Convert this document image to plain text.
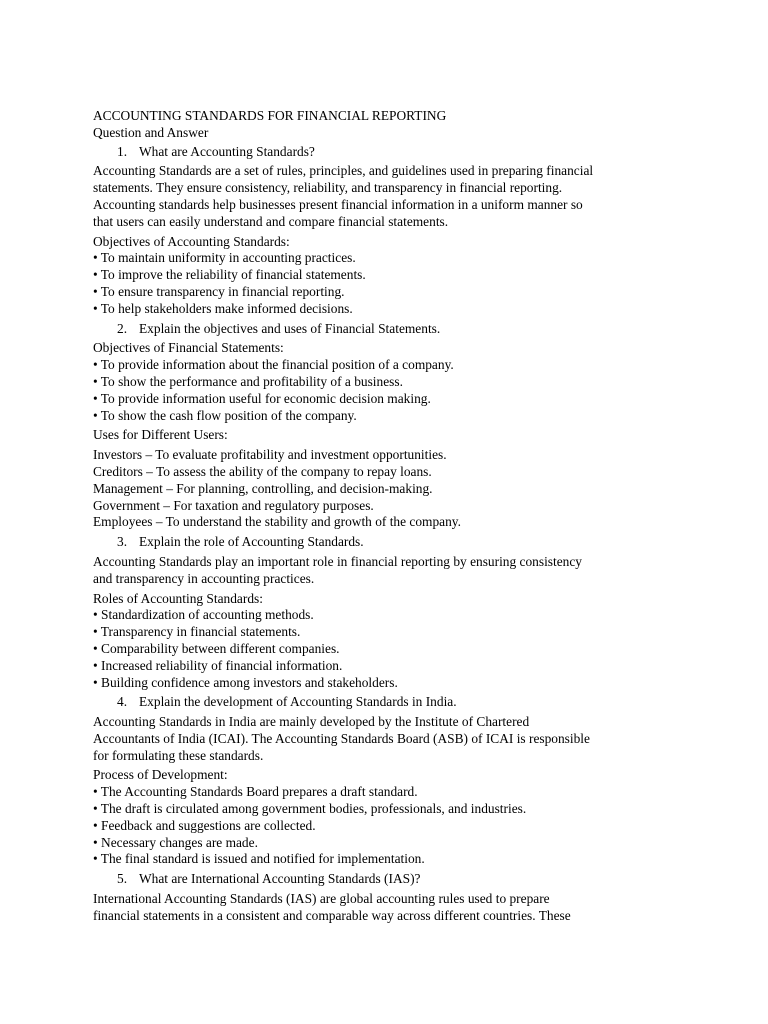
ACCOUNTING STANDARDS FOR FINANCIAL REPORTING
Question and Answer
1. What are Accounting Standards?
Accounting Standards are a set of rules, principles, and guidelines used in preparing financial
statements. They ensure consistency, reliability, and transparency in financial reporting.
Accounting standards help businesses present financial information in a uniform manner so
that users can easily understand and compare financial statements.
Objectives of Accounting Standards:
• To maintain uniformity in accounting practices.
• To improve the reliability of financial statements.
• To ensure transparency in financial reporting.
• To help stakeholders make informed decisions.
2. Explain the objectives and uses of Financial Statements.
Objectives of Financial Statements:
• To provide information about the financial position of a company.
• To show the performance and profitability of a business.
• To provide information useful for economic decision making.
• To show the cash flow position of the company.
Uses for Different Users:
Investors – To evaluate profitability and investment opportunities.
Creditors – To assess the ability of the company to repay loans.
Management – For planning, controlling, and decision-making.
Government – For taxation and regulatory purposes.
Employees – To understand the stability and growth of the company.
3. Explain the role of Accounting Standards.
Accounting Standards play an important role in financial reporting by ensuring consistency
and transparency in accounting practices.
Roles of Accounting Standards:
• Standardization of accounting methods.
• Transparency in financial statements.
• Comparability between different companies.
• Increased reliability of financial information.
• Building confidence among investors and stakeholders.
4. Explain the development of Accounting Standards in India.
Accounting Standards in India are mainly developed by the Institute of Chartered
Accountants of India (ICAI). The Accounting Standards Board (ASB) of ICAI is responsible
for formulating these standards.
Process of Development:
• The Accounting Standards Board prepares a draft standard.
• The draft is circulated among government bodies, professionals, and industries.
• Feedback and suggestions are collected.
• Necessary changes are made.
• The final standard is issued and notified for implementation.
5. What are International Accounting Standards (IAS)?
International Accounting Standards (IAS) are global accounting rules used to prepare
financial statements in a consistent and comparable way across different countries. These
